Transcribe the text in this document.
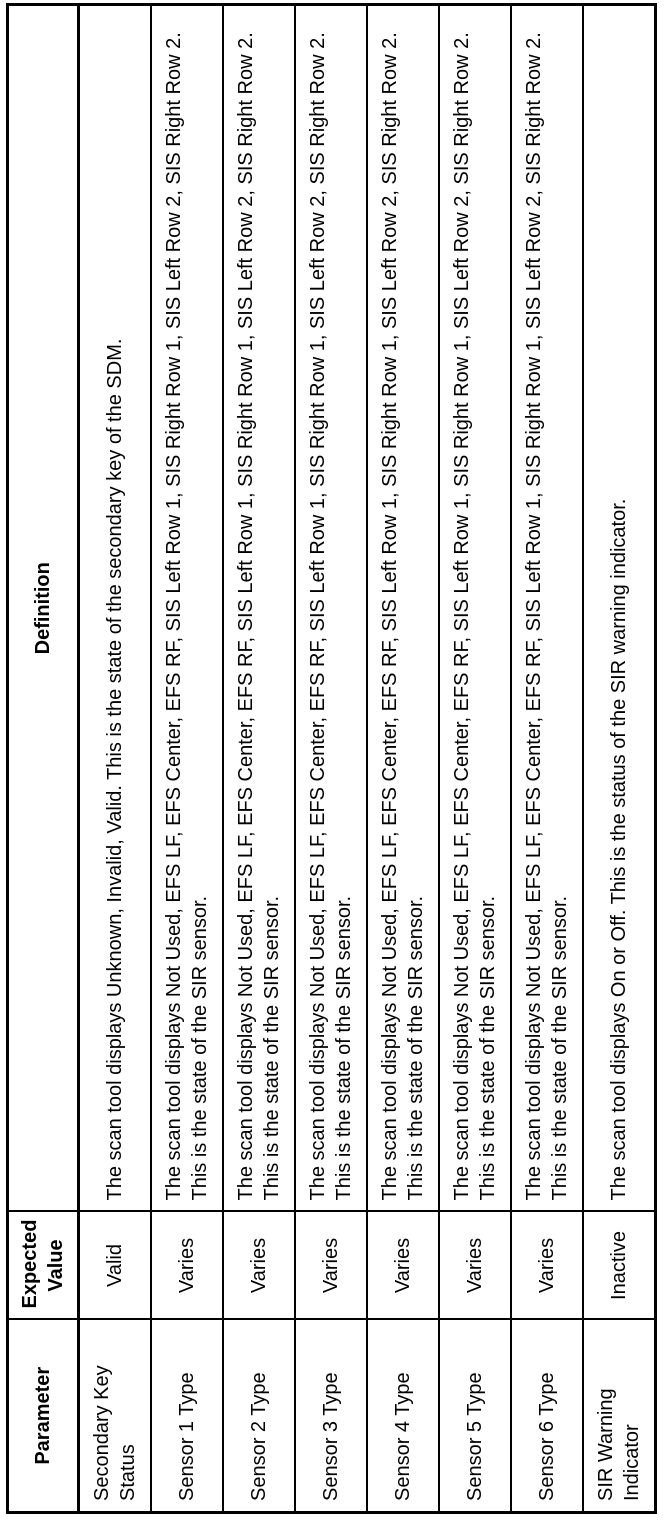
Parameter	Expected Value	Definition
Secondary Key Status	Valid	The scan tool displays Unknown, Invalid, Valid. This is the state of the secondary key of the SDM.
Sensor 1 Type	Varies	The scan tool displays Not Used, EFS LF, EFS Center, EFS RF, SIS Left Row 1, SIS Right Row 1, SIS Left Row 2, SIS Right Row 2. This is the state of the SIR sensor.
Sensor 2 Type	Varies	The scan tool displays Not Used, EFS LF, EFS Center, EFS RF, SIS Left Row 1, SIS Right Row 1, SIS Left Row 2, SIS Right Row 2. This is the state of the SIR sensor.
Sensor 3 Type	Varies	The scan tool displays Not Used, EFS LF, EFS Center, EFS RF, SIS Left Row 1, SIS Right Row 1, SIS Left Row 2, SIS Right Row 2. This is the state of the SIR sensor.
Sensor 4 Type	Varies	The scan tool displays Not Used, EFS LF, EFS Center, EFS RF, SIS Left Row 1, SIS Right Row 1, SIS Left Row 2, SIS Right Row 2. This is the state of the SIR sensor.
Sensor 5 Type	Varies	The scan tool displays Not Used, EFS LF, EFS Center, EFS RF, SIS Left Row 1, SIS Right Row 1, SIS Left Row 2, SIS Right Row 2. This is the state of the SIR sensor.
Sensor 6 Type	Varies	The scan tool displays Not Used, EFS LF, EFS Center, EFS RF, SIS Left Row 1, SIS Right Row 1, SIS Left Row 2, SIS Right Row 2. This is the state of the SIR sensor.
SIR Warning Indicator	Inactive	The scan tool displays On or Off. This is the status of the SIR warning indicator.
